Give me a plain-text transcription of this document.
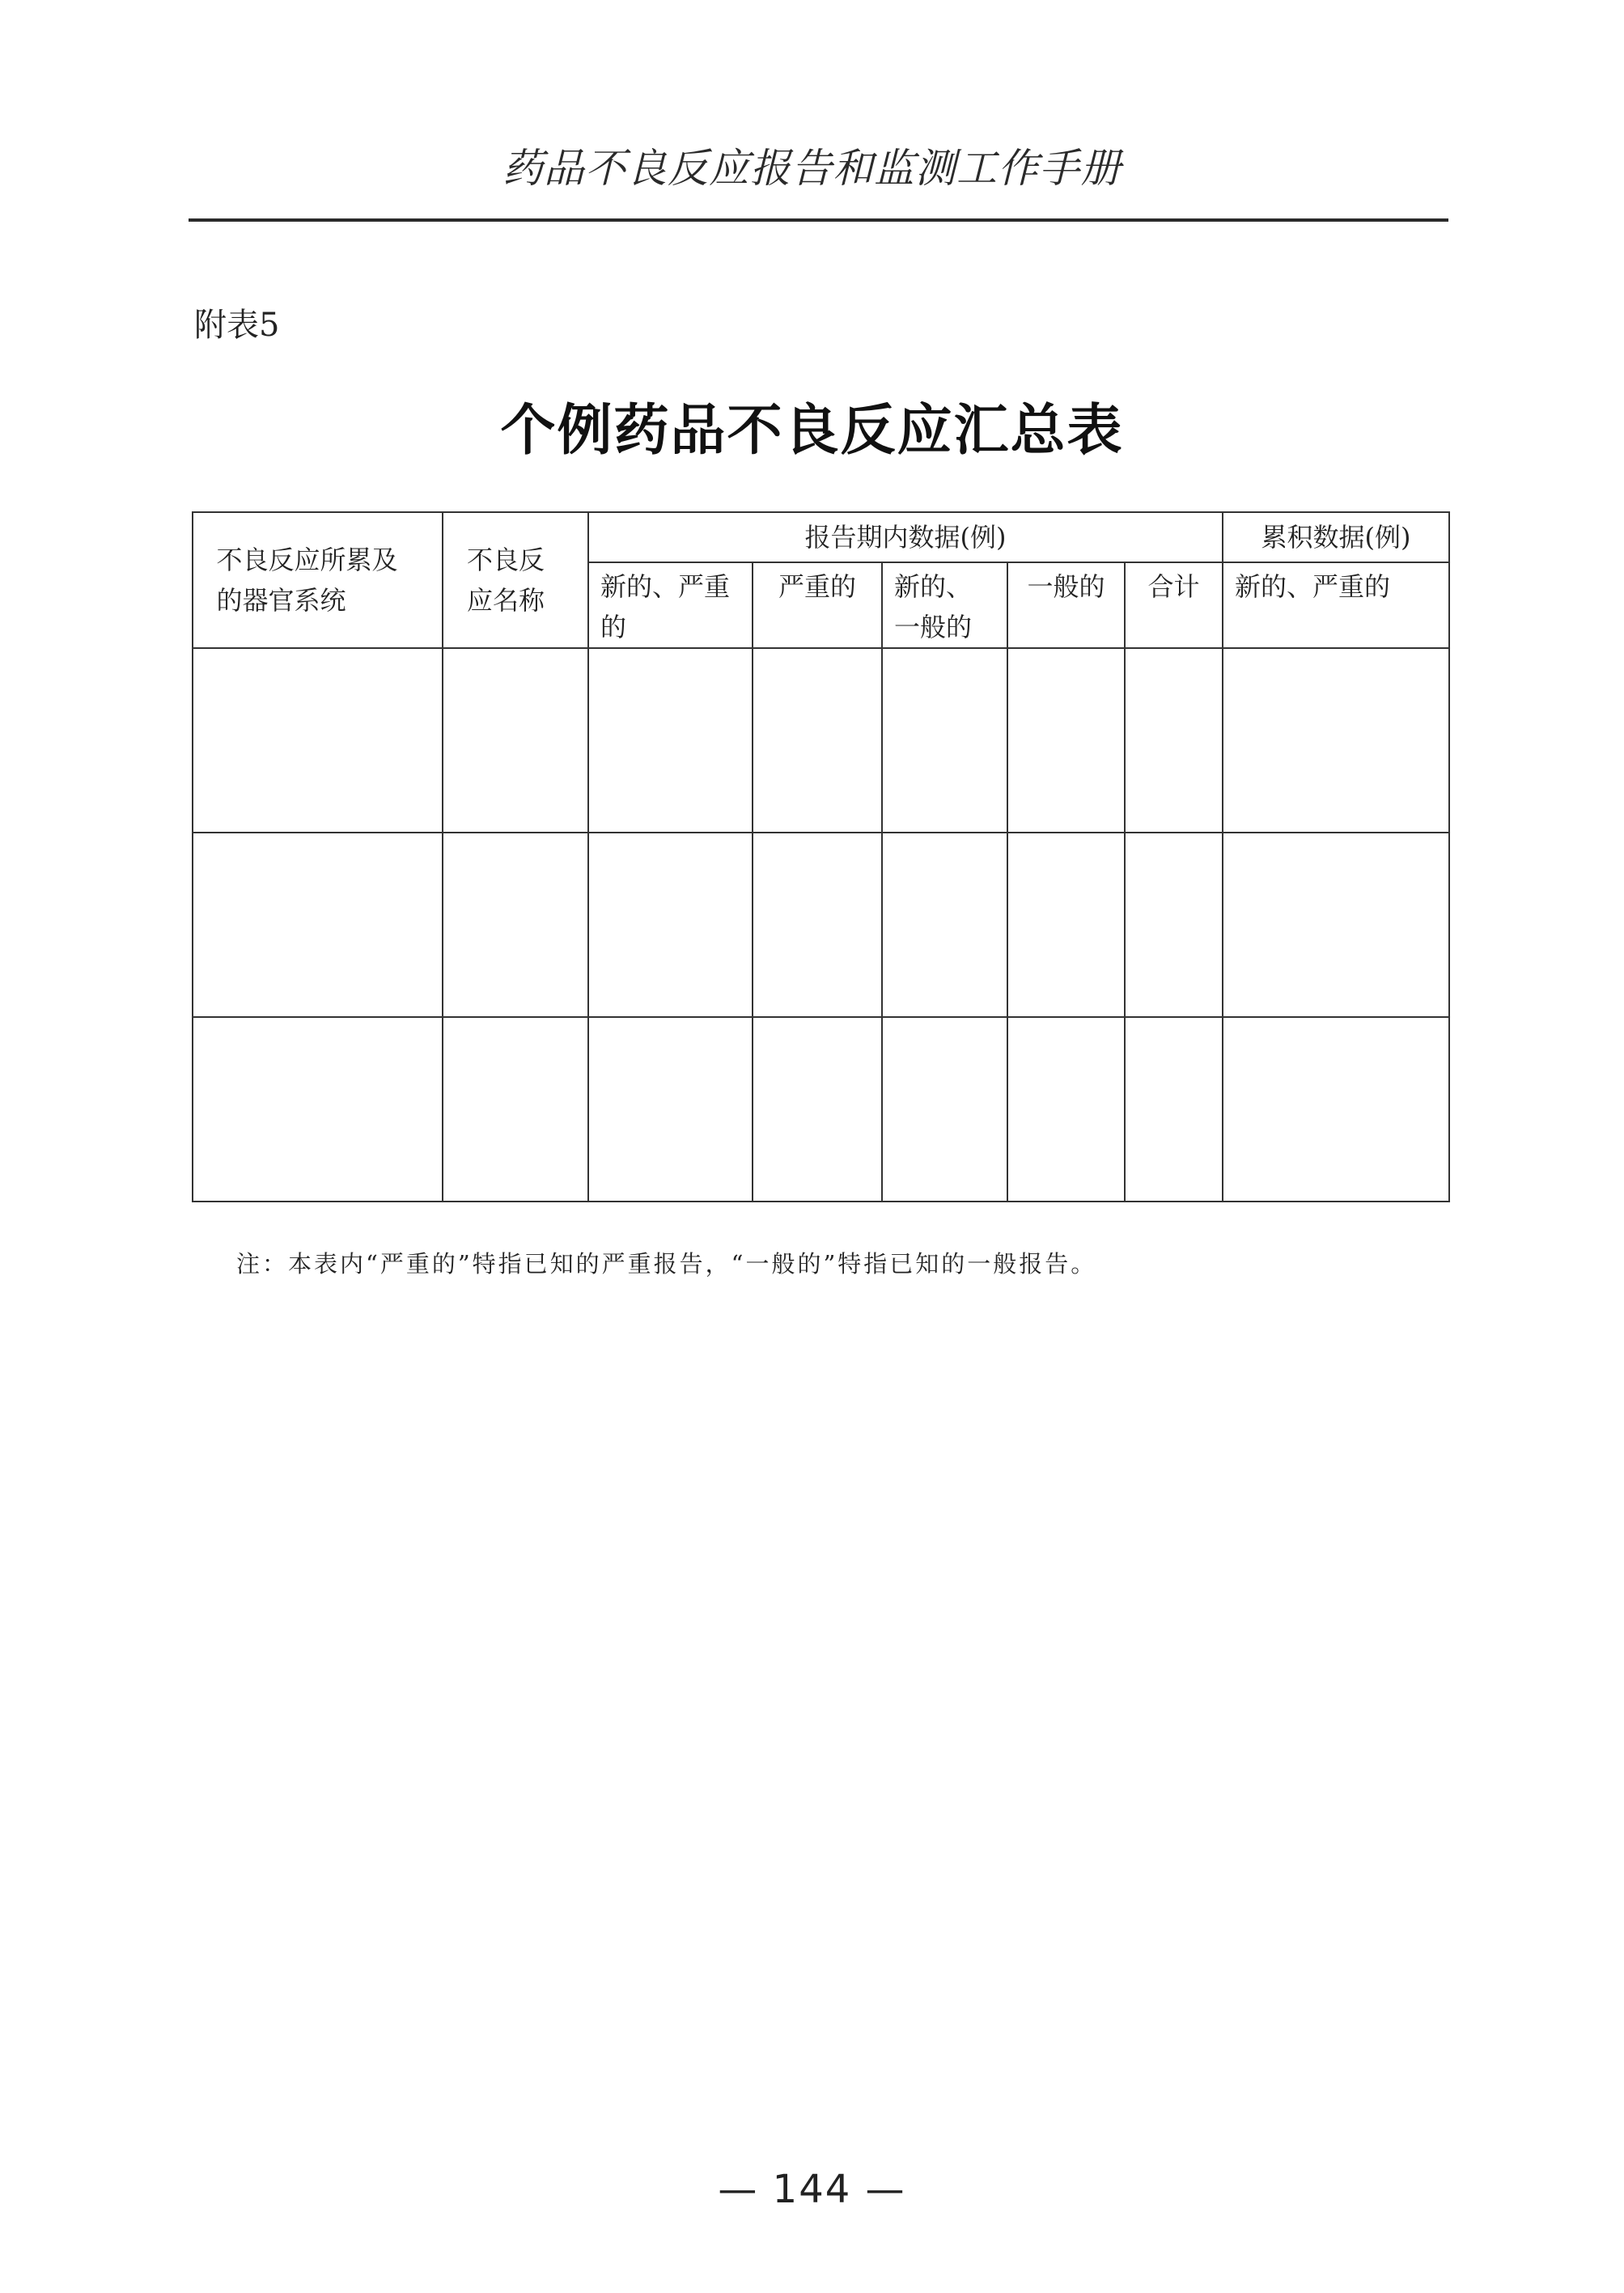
药品不良反应报告和监测工作手册
附表5
个例药品不良反应汇总表
不良反应所累及的器官系统	不良反应名称	报告期内数据(例)					累积数据(例)
		新的、严重的	严重的	新的、一般的	一般的	合计	新的、严重的

注：本表内“严重的”特指已知的严重报告，“一般的”特指已知的一般报告。
— 144 —
